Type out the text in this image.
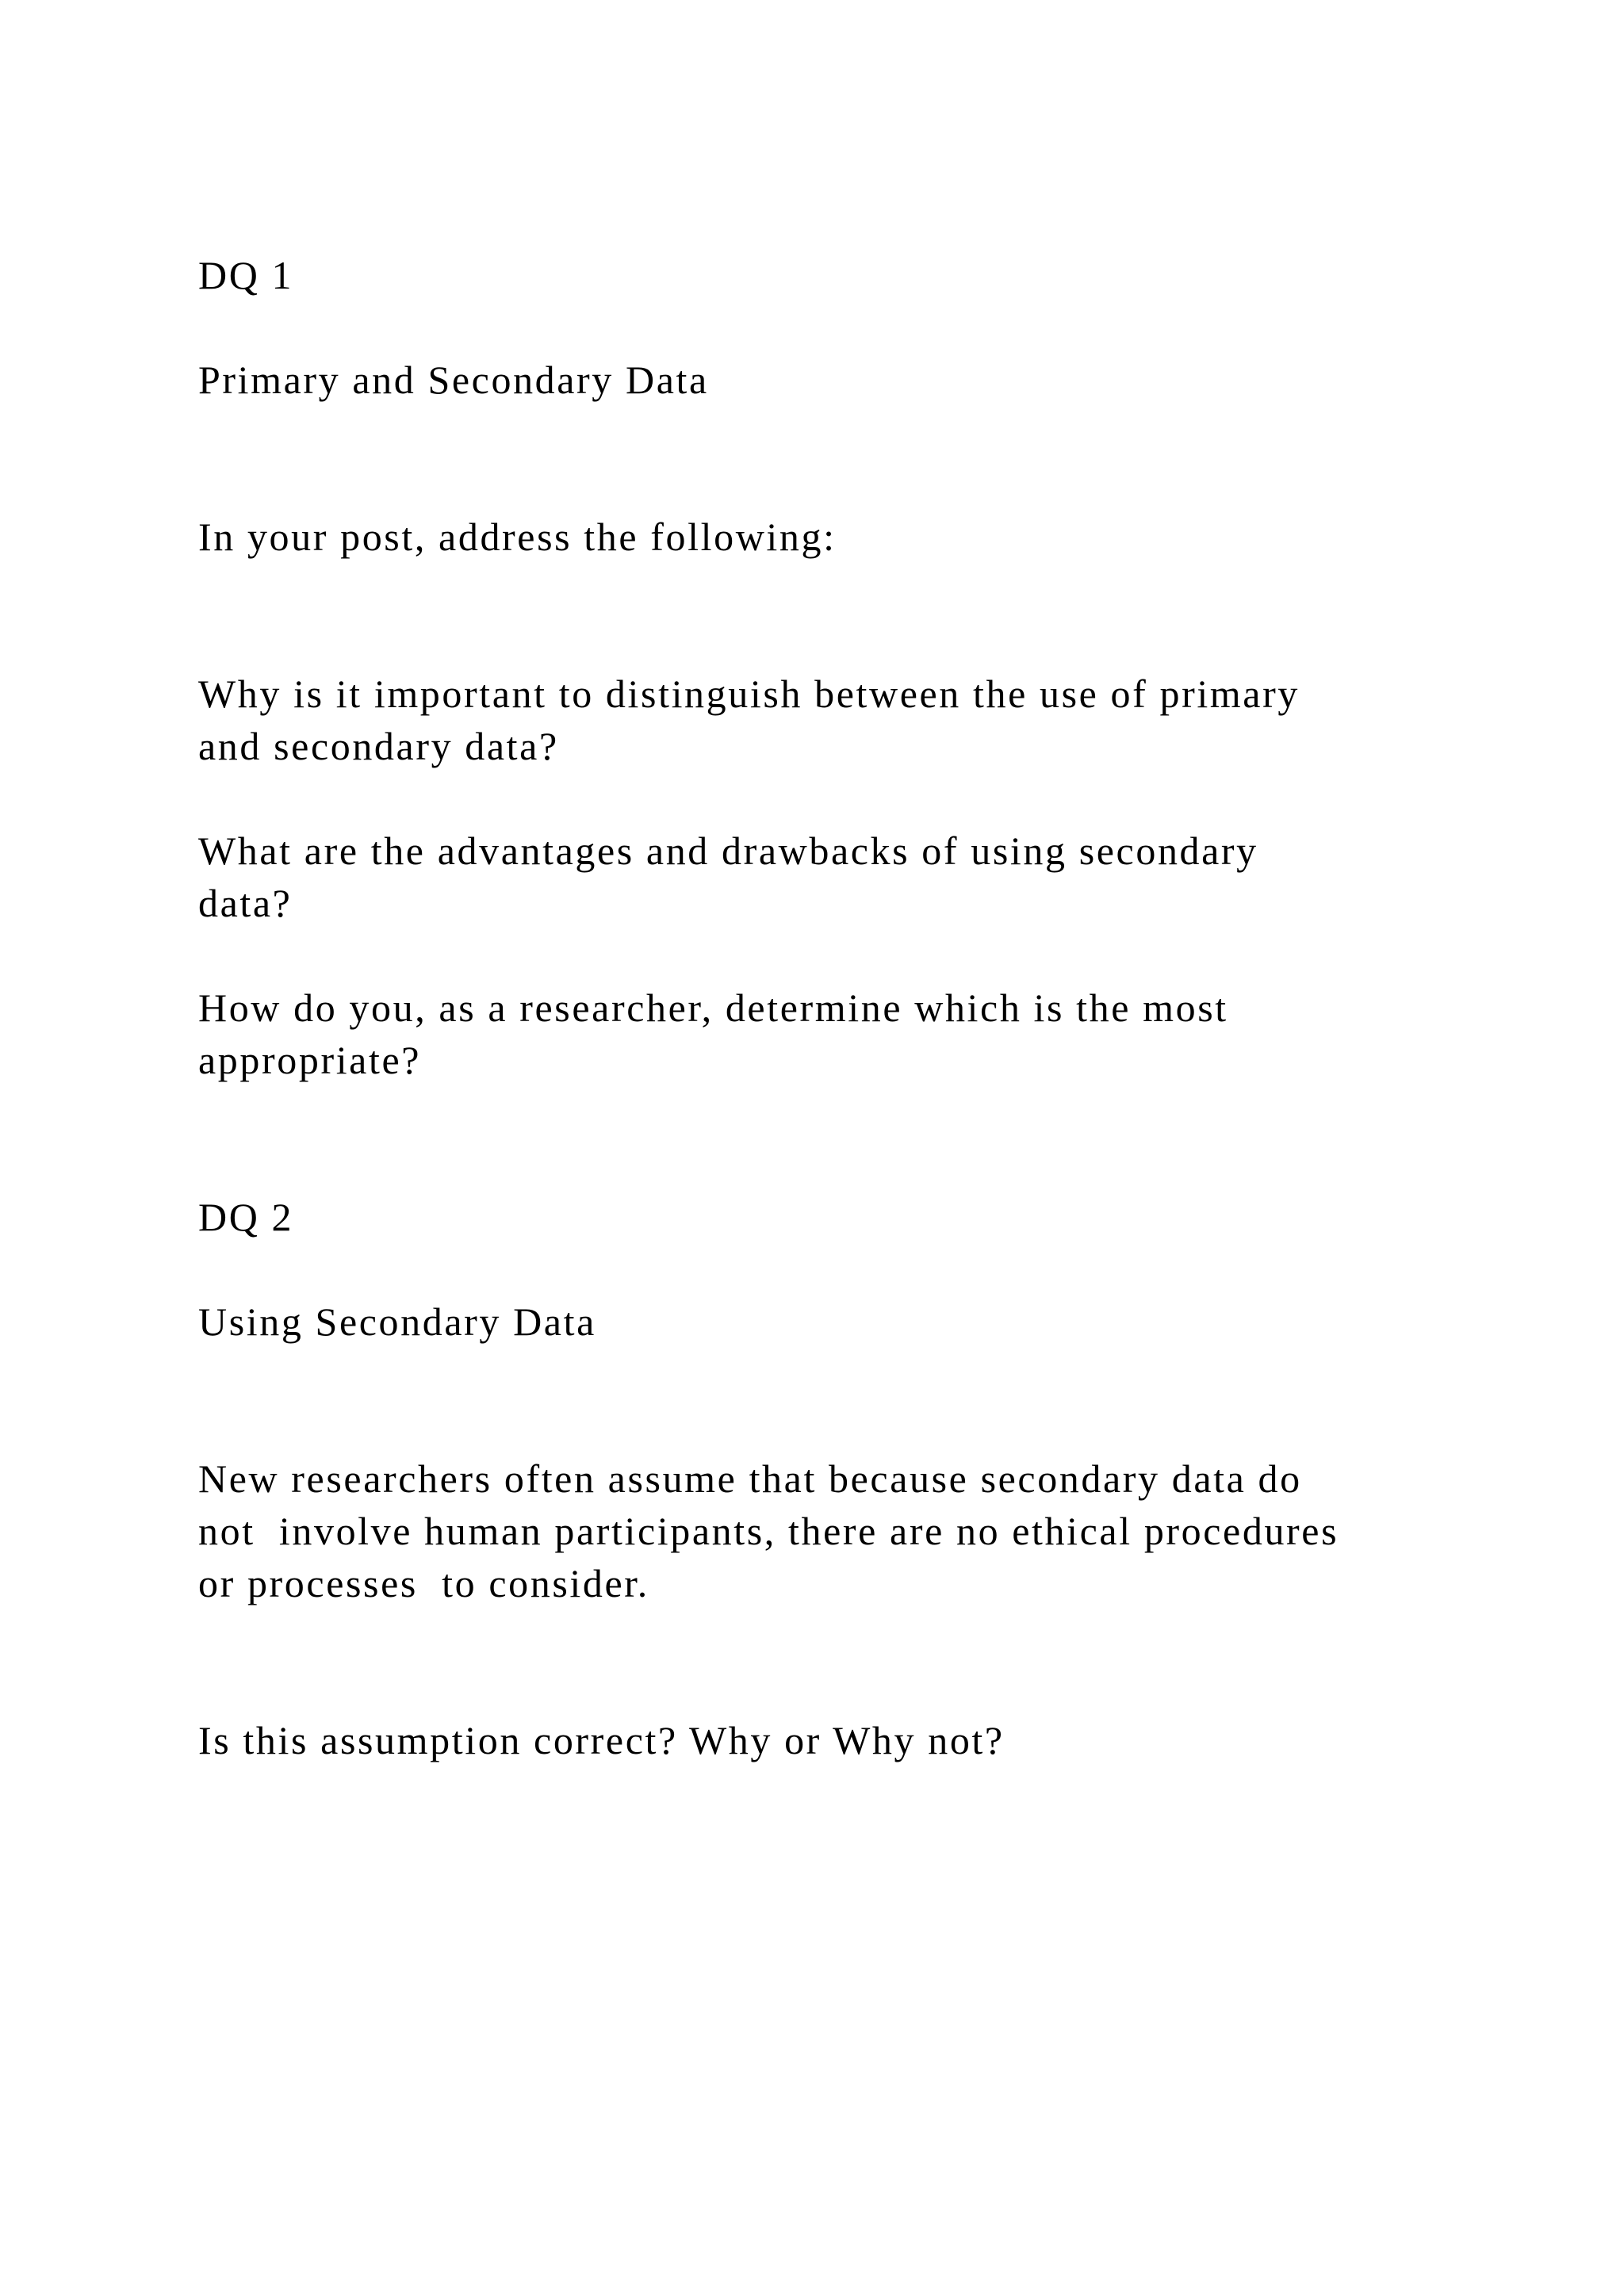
DQ 1

Primary and Secondary Data

In your post, address the following:

Why is it important to distinguish between the use of primary

and secondary data?

What are the advantages and drawbacks of using secondary

data?

How do you, as a researcher, determine which is the most

appropriate?

DQ 2

Using Secondary Data

New researchers often assume that because secondary data do

not  involve human participants, there are no ethical procedures

or processes  to consider.

Is this assumption correct? Why or Why not?
